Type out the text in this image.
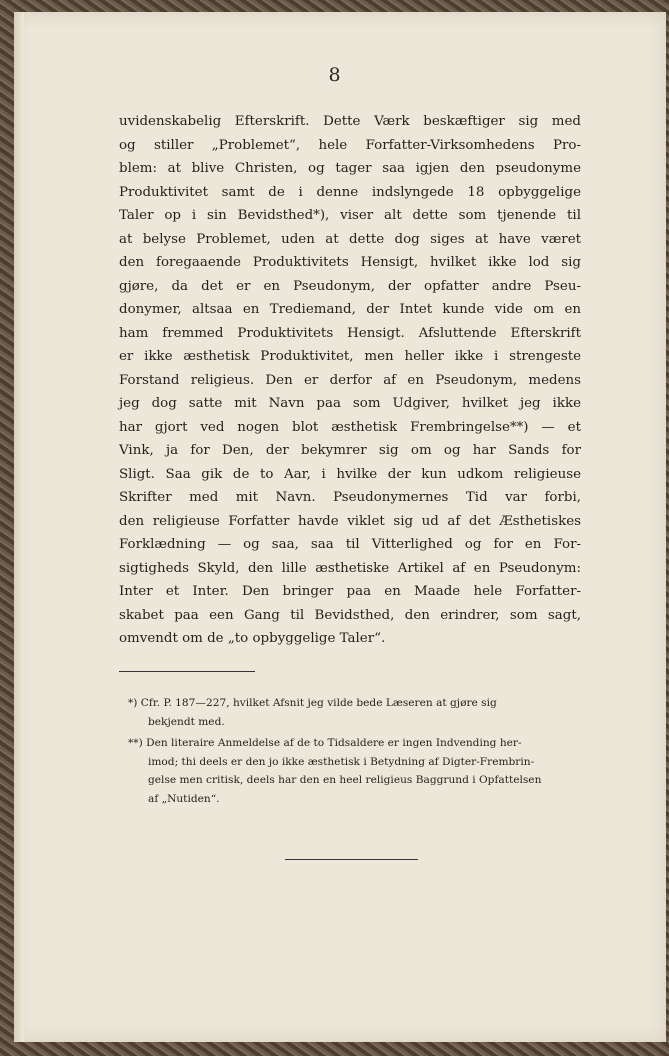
8
uvidenskabelig Efterskrift. Dette Værk beskæftiger sig med
og stiller „Problemet“, hele Forfatter-Virksomhedens Pro-
blem: at blive Christen, og tager saa igjen den pseudonyme
Produktivitet samt de i denne indslyngede 18 opbyggelige
Taler op i sin Bevidsthed*), viser alt dette som tjenende til
at belyse Problemet, uden at dette dog siges at have været
den foregaaende Produktivitets Hensigt, hvilket ikke lod sig
gjøre, da det er en Pseudonym, der opfatter andre Pseu-
donymer, altsaa en Trediemand, der Intet kunde vide om en
ham fremmed Produktivitets Hensigt. Afsluttende Efterskrift
er ikke æsthetisk Produktivitet, men heller ikke i strengeste
Forstand religieus. Den er derfor af en Pseudonym, medens
jeg dog satte mit Navn paa som Udgiver, hvilket jeg ikke
har gjort ved nogen blot æsthetisk Frembringelse**) — et
Vink, ja for Den, der bekymrer sig om og har Sands for
Sligt. Saa gik de to Aar, i hvilke der kun udkom religieuse
Skrifter med mit Navn. Pseudonymernes Tid var forbi,
den religieuse Forfatter havde viklet sig ud af det Æsthetiskes
Forklædning — og saa, saa til Vitterlighed og for en For-
sigtigheds Skyld, den lille æsthetiske Artikel af en Pseudonym:
Inter et Inter. Den bringer paa en Maade hele Forfatter-
skabet paa een Gang til Bevidsthed, den erindrer, som sagt,
omvendt om de „to opbyggelige Taler“.
*) Cfr. P. 187—227, hvilket Afsnit jeg vilde bede Læseren at gjøre sig
bekjendt med.
**) Den literaire Anmeldelse af de to Tidsaldere er ingen Indvending her-
imod; thi deels er den jo ikke æsthetisk i Betydning af Digter-Frembrin-
gelse men critisk, deels har den en heel religieus Baggrund i Opfattelsen
af „Nutiden“.
